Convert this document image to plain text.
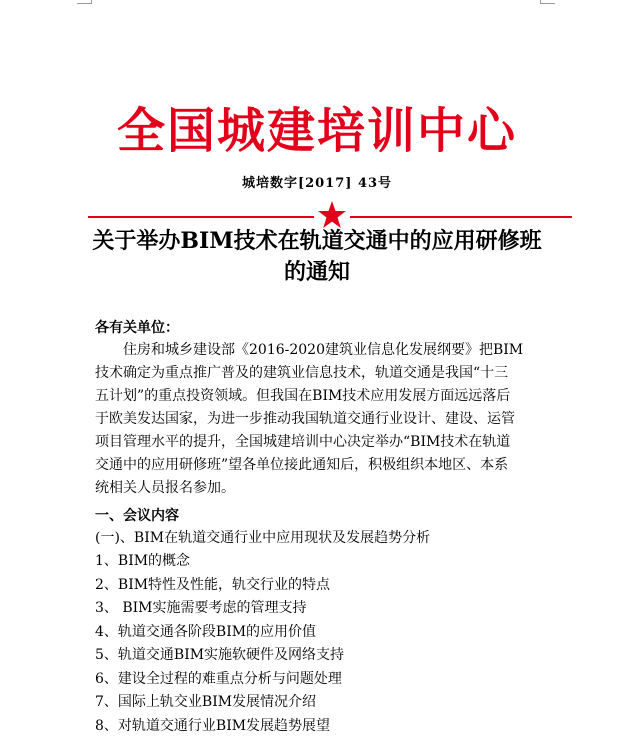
全国城建培训中心
城培数字[2017] 43号
关于举办BIM技术在轨道交通中的应用研修班
的通知
各有关单位：
住房和城乡建设部《2016-2020建筑业信息化发展纲要》把BIM
技术确定为重点推广普及的建筑业信息技术，轨道交通是我国“十三
五计划”的重点投资领域。但我国在BIM技术应用发展方面远远落后
于欧美发达国家，为进一步推动我国轨道交通行业设计、建设、运管
项目管理水平的提升，全国城建培训中心决定举办“BIM技术在轨道
交通中的应用研修班”望各单位接此通知后，积极组织本地区、本系
统相关人员报名参加。
一、会议内容
(一)、BIM在轨道交通行业中应用现状及发展趋势分析
1、BIM的概念
2、BIM特性及性能，轨交行业的特点
3、 BIM实施需要考虑的管理支持
4、轨道交通各阶段BIM的应用价值
5、轨道交通BIM实施软硬件及网络支持
6、建设全过程的难重点分析与问题处理
7、国际上轨交业BIM发展情况介绍
8、对轨道交通行业BIM发展趋势展望
